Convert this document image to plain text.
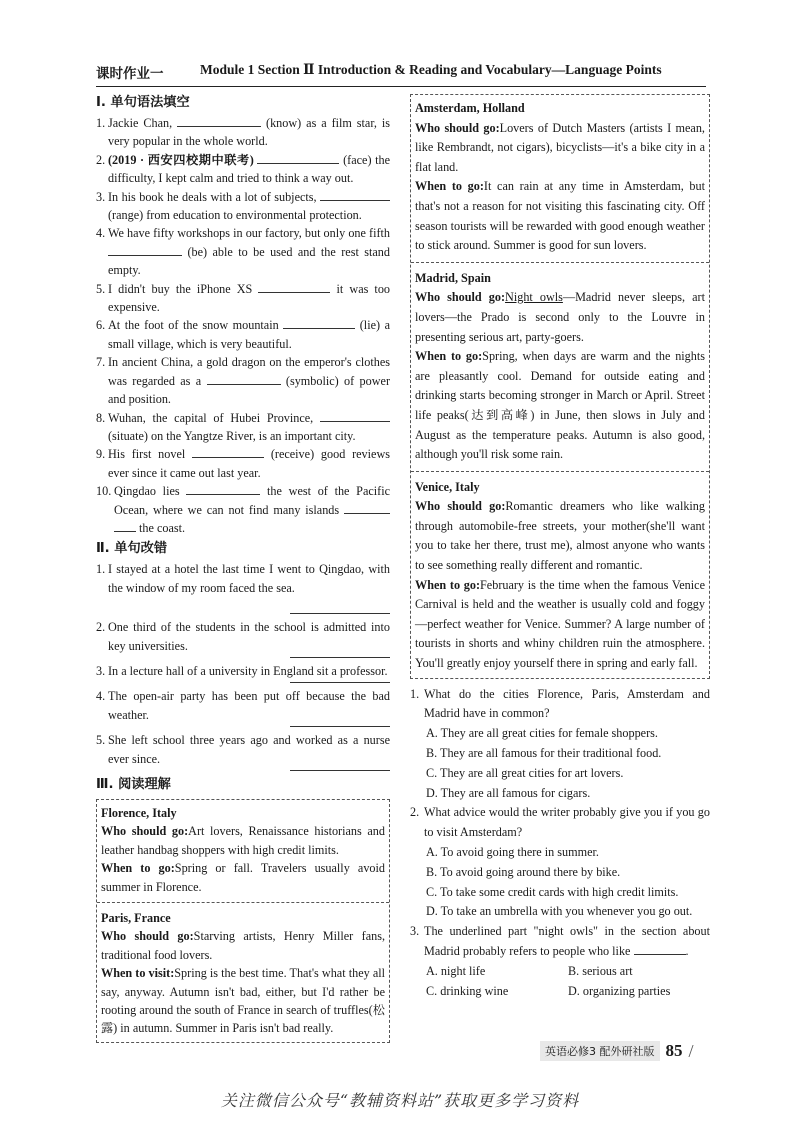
课时作业一	Module 1 Section Ⅱ Introduction & Reading and Vocabulary—Language Points
Ⅰ. 单句语法填空
1. Jackie Chan,	(know) as a film star, is very popular in the whole world.
2. (2019 · 西安四校期中联考)	(face) the difficulty, I kept calm and tried to think a way out.
3. In his book he deals with a lot of subjects,  (range) from education to environmental protection.
4. We have fifty workshops in our factory, but only one fifth  (be) able to be used and the rest stand empty.
5. I didn't buy the iPhone XS	it was too expensive.
6. At the foot of the snow mountain	(lie) a small village, which is very beautiful.
7. In ancient China, a gold dragon on the emperor's clothes was regarded as a	(symbolic) of power and position.
8. Wuhan, the capital of Hubei Province,  (situate) on the Yangtze River, is an important city.
9. His first novel	(receive) good reviews ever since it came out last year.
10. Qingdao lies	the west of the Pacific Ocean, where we can not find many islands   the coast.
Ⅱ. 单句改错
1. I stayed at a hotel the last time I went to Qingdao, with the window of my room faced the sea.
2. One third of the students in the school is admitted into key universities.
3. In a lecture hall of a university in England sit a professor.
4. The open-air party has been put off because the bad weather.
5. She left school three years ago and worked as a nurse ever since.
Ⅲ. 阅读理解
Florence, Italy
Who should go:Art lovers, Renaissance historians and leather handbag shoppers with high credit limits.
When to go:Spring or fall. Travelers usually avoid summer in Florence.
Paris, France
Who should go:Starving artists, Henry Miller fans, traditional food lovers.
When to visit:Spring is the best time. That's what they all say, anyway. Autumn isn't bad, either, but I'd rather be rooting around the south of France in search of truffles(松露) in autumn. Summer in Paris isn't bad really.
Amsterdam, Holland
Who should go:Lovers of Dutch Masters (artists I mean, like Rembrandt, not cigars), bicyclists—it's a bike city in a flat land.
When to go:It can rain at any time in Amsterdam, but that's not a reason for not visiting this fascinating city. Off season tourists will be rewarded with good enough weather to stick around. Summer is good for sun lovers.
Madrid, Spain
Who should go:Night owls—Madrid never sleeps, art lovers—the Prado is second only to the Louvre in presenting serious art, party-goers.
When to go:Spring, when days are warm and the nights are pleasantly cool. Demand for outside eating and drinking starts becoming stronger in March or April. Street life peaks(达到高峰) in June, then slows in July and August as the temperature peaks. Autumn is also good, although you'll risk some rain.
Venice, Italy
Who should go:Romantic dreamers who like walking through automobile-free streets, your mother(she'll want you to take her there, trust me), almost anyone who wants to see something really different and romantic.
When to go:February is the time when the famous Venice Carnival is held and the weather is usually cold and foggy—perfect weather for Venice. Summer? A large number of tourists in shorts and whiny children ruin the atmosphere. You'll greatly enjoy yourself there in spring and early fall.
1. What do the cities Florence, Paris, Amsterdam and Madrid have in common?
A. They are all great cities for female shoppers.
B. They are all famous for their traditional food.
C. They are all great cities for art lovers.
D. They are all famous for cigars.
2. What advice would the writer probably give you if you go to visit Amsterdam?
A. To avoid going there in summer.
B. To avoid going around there by bike.
C. To take some credit cards with high credit limits.
D. To take an umbrella with you whenever you go out.
3. The underlined part "night owls" in the section about Madrid probably refers to people who like	.
A. night life	B. serious art
C. drinking wine	D. organizing parties
英语必修3 配外研社版 85 /
关注微信公众号“教辅资料站”获取更多学习资料
